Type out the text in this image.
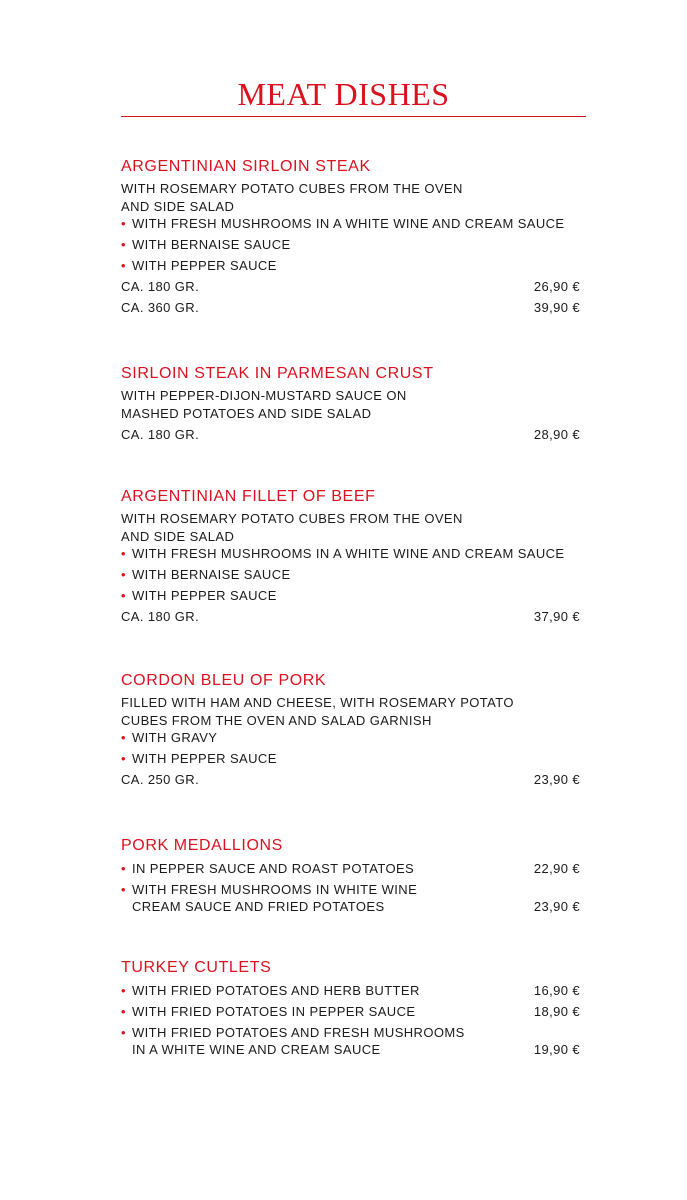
MEAT DISHES
ARGENTINIAN SIRLOIN STEAK

WITH ROSEMARY POTATO CUBES FROM THE OVEN

AND SIDE SALAD

• WITH FRESH MUSHROOMS IN A WHITE WINE AND CREAM SAUCE
• WITH BERNAISE SAUCE
• WITH PEPPER SAUCE
CA. 180 GR.	26,90 €
CA. 360 GR.	39,90 €
SIRLOIN STEAK IN PARMESAN CRUST

WITH PEPPER-DIJON-MUSTARD SAUCE ON

MASHED POTATOES AND SIDE SALAD

CA. 180 GR.	28,90 €
ARGENTINIAN FILLET OF BEEF

WITH ROSEMARY POTATO CUBES FROM THE OVEN

AND SIDE SALAD

• WITH FRESH MUSHROOMS IN A WHITE WINE AND CREAM SAUCE
• WITH BERNAISE SAUCE
• WITH PEPPER SAUCE
CA. 180 GR.	37,90 €
CORDON BLEU OF PORK

FILLED WITH HAM AND CHEESE, WITH ROSEMARY POTATO

CUBES FROM THE OVEN AND SALAD GARNISH

• WITH GRAVY
• WITH PEPPER SAUCE
CA. 250 GR.	23,90 €
PORK MEDALLIONS
• IN PEPPER SAUCE AND ROAST POTATOES	22,90 €
• WITH FRESH MUSHROOMS IN WHITE WINE
CREAM SAUCE AND FRIED POTATOES	23,90 €
TURKEY CUTLETS
• WITH FRIED POTATOES AND HERB BUTTER	16,90 €
• WITH FRIED POTATOES IN PEPPER SAUCE	18,90 €
• WITH FRIED POTATOES AND FRESH MUSHROOMS
IN A WHITE WINE AND CREAM SAUCE	19,90 €
